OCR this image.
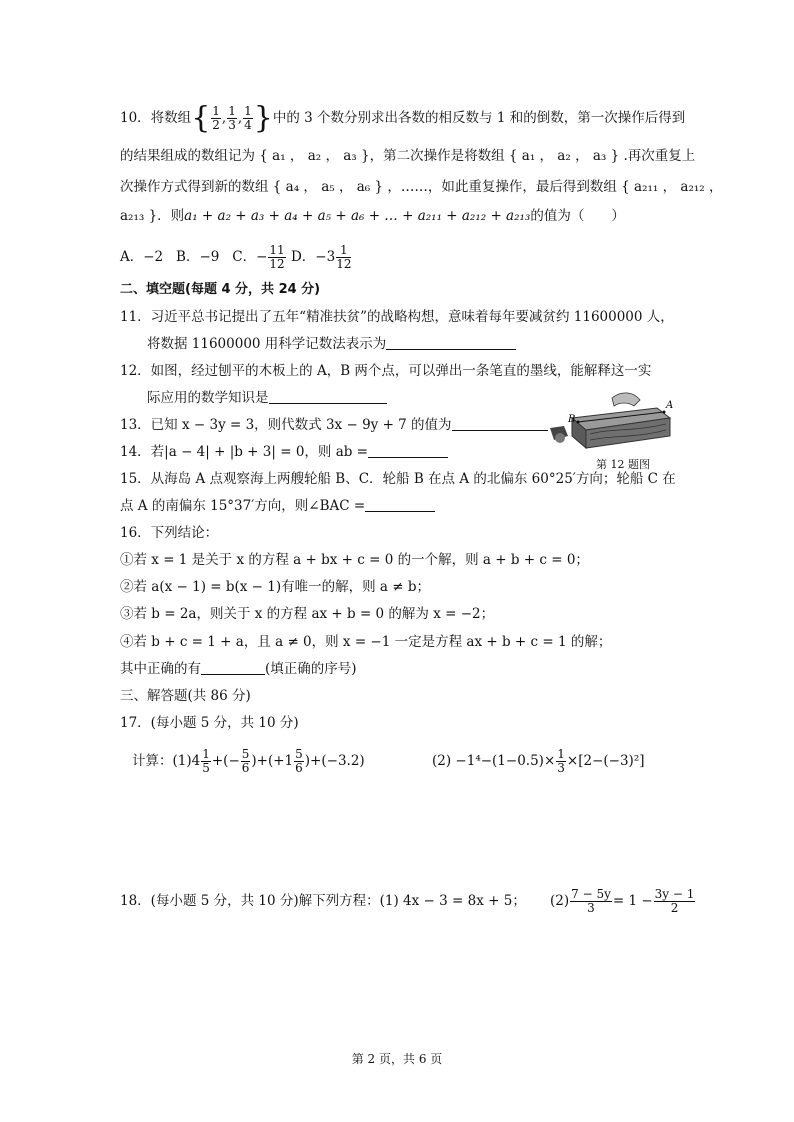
10．将数组{ $\frac{1}{2}$ , $\frac{1}{3}$ , $\frac{1}{4}$ }中的 3 个数分别求出各数的相反数与 1 和的倒数，第一次操作后得到
的结果组成的数组记为 { a₁ ， a₂ ， a₃ }，第二次操作是将数组 { a₁ ， a₂ ， a₃ } .再次重复上
次操作方式得到新的数组 { a₄ ， a₅ ， a₆ } ，……，如此重复操作，最后得到数组 { a₂₁₁ ， a₂₁₂ ，
a₂₁₃ }．则a₁ + a₂ + a₃ + a₄ + a₅ + a₆ + … + a₂₁₁ + a₂₁₂ + a₂₁₃的值为（　　）
A．−2 B．−9 C．− $\frac{11}{12}$ D．$-3 \frac{1}{12}$
二、填空题(每题 4 分，共 24 分)
11．习近平总书记提出了五年“精准扶贫”的战略构想，意味着每年要减贫约 11600000 人，
将数据 11600000 用科学记数法表示为
12．如图，经过刨平的木板上的 A，B 两个点，可以弹出一条笔直的墨线，能解释这一实
际应用的数学知识是
B
A
第 12 题图
13．已知 x − 3y = 3，则代数式 3x − 9y + 7 的值为
14．若|a − 4| + |b + 3| = 0，则 ab =
15．从海岛 A 点观察海上两艘轮船 B、C．轮船 B 在点 A 的北偏东 60°25′方向；轮船 C 在
点 A 的南偏东 15°37′方向，则∠BAC =
16．下列结论：
①若 x = 1 是关于 x 的方程 a + bx + c = 0 的一个解，则 a + b + c = 0；
②若 a(x − 1) = b(x − 1)有唯一的解，则 a ≠ b；
③若 b = 2a，则关于 x 的方程 ax + b = 0 的解为 x = −2；
④若 b + c = 1 + a，且 a ≠ 0，则 x = −1 一定是方程 ax + b + c = 1 的解；
其中正确的有	(填正确的序号)
三、解答题(共 86 分)
17．(每小题 5 分，共 10 分)
计算：$(1)4 \frac{1}{5}$ +(− $\frac{5}{6} )+(+1 \frac{5}{6} )+(-3.2)$	$(2) -1^4-(1-0.5)\times \frac{1}{3} \times[2-(-3)^2]$
18．(每小题 5 分，共 10 分)解下列方程：(1) 4x − 3 = 8x + 5； $(2) \frac{7 - 5y}{3} = 1 - \frac{3y - 1}{2}$
第 2 页，共 6 页
